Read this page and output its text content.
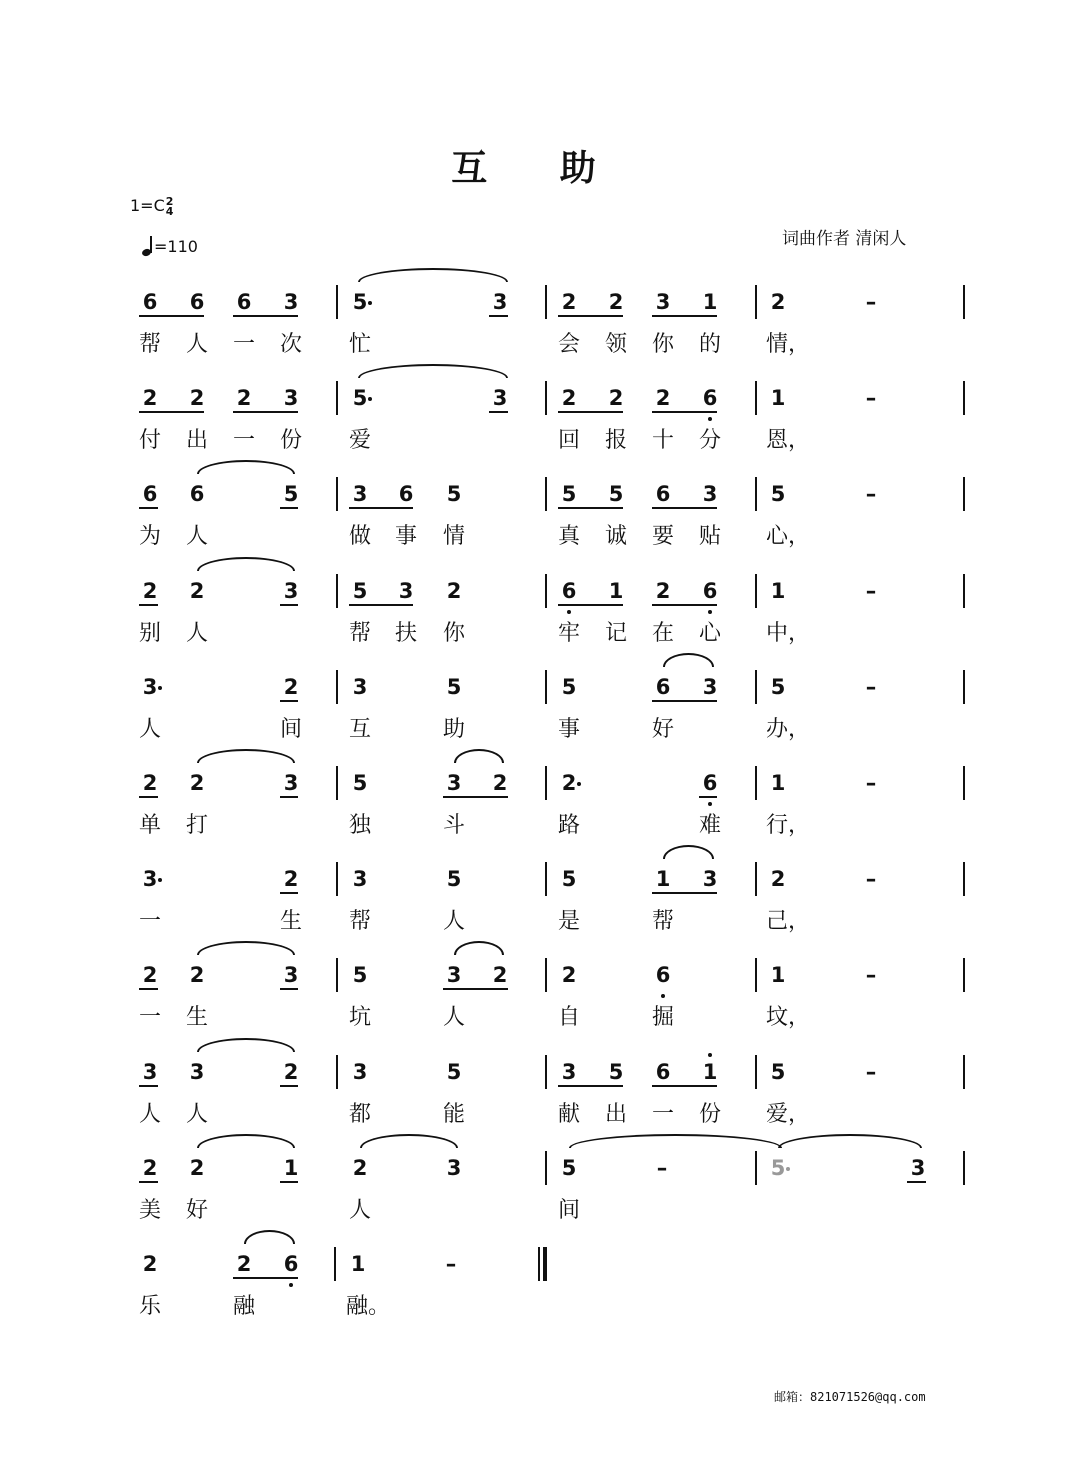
互 助
1=C 2
4
=110	词曲作者 清闲人
6 6 6 3	5	3	2 2 3 1	2	–
帮 人 一 次 忙	会 领 你 的 情，
2 2 2 3	5	3	2 2 2 6	1	–
付 出 一 份 爱	回 报 十 分 恩，
6 6	5	3 6 5	5 5 6 3	5	–
为 人	做 事 情	真 诚 要 贴 心，
2 2	3	5 3 2	6 1 2 6	1	–
别 人	帮 扶 你	牢 记 在 心 中，
3	2	3	5	5	6 3	5	–
人	间 互	助	事	好	办，
2 2	3	5	3 2	2	6	1	–
单 打	独	斗	路	难 行，
3	2	3	5	5	1 3	2	–
一	生 帮	人	是	帮	己，
2 2	3	5	3 2	2	6	1	–
一 生	坑	人	自	掘	坟，
3 3	2	3	5	3 5 6 1	5	–
人 人	都	能	献 出 一 份 爱，
2 2	1	2	3	5	–	5	3
美 好	人	间
2	2 6 1	–
乐	融	融。
邮箱：821071526@qq.com
